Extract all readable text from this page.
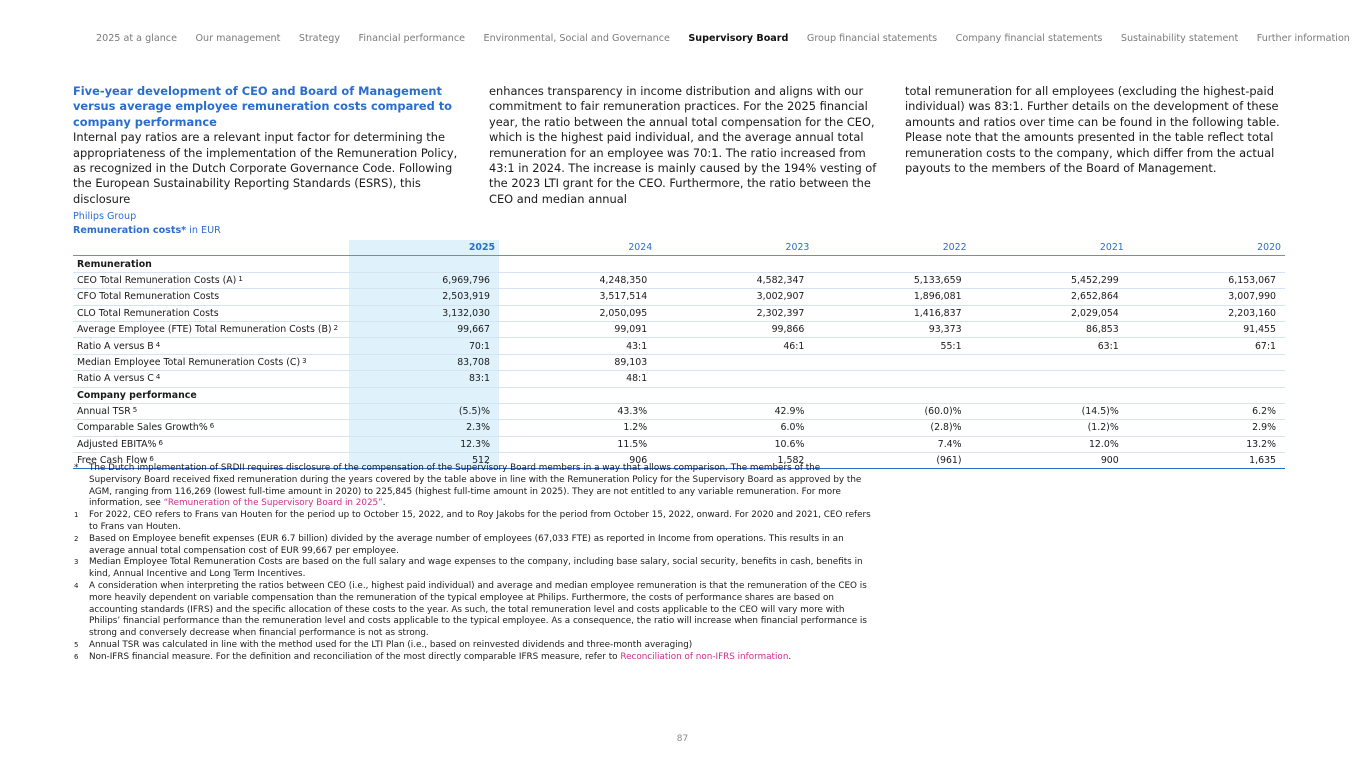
2025 at a glance Our management Strategy Financial performance Environmental, Social and Governance Supervisory Board Group financial statements Company financial statements Sustainability statement Further information
Five-year development of CEO and Board of Management versus average employee remuneration costs compared to company performance

Internal pay ratios are a relevant input factor for determining the appropriateness of the implementation of the Remuneration Policy, as recognized in the Dutch Corporate Governance Code. Following the European Sustainability Reporting Standards (ESRS), this disclosure

enhances transparency in income distribution and aligns with our commitment to fair remuneration practices. For the 2025 financial year, the ratio between the annual total compensation for the CEO, which is the highest paid individual, and the average annual total remuneration for an employee was 70:1. The ratio increased from 43:1 in 2024. The increase is mainly caused by the 194% vesting of the 2023 LTI grant for the CEO. Furthermore, the ratio between the CEO and median annual

total remuneration for all employees (excluding the highest-paid individual) was 83:1. Further details on the development of these amounts and ratios over time can be found in the following table. Please note that the amounts presented in the table reflect total remuneration costs to the company, which differ from the actual payouts to the members of the Board of Management.

Philips Group
Remuneration costs* in EUR
	2025	2024	2023	2022	2021	2020
Remuneration						
CEO Total Remuneration Costs (A) $^1$	6,969,796	4,248,350	4,582,347	5,133,659	5,452,299	6,153,067
CFO Total Remuneration Costs	2,503,919	3,517,514	3,002,907	1,896,081	2,652,864	3,007,990
CLO Total Remuneration Costs	3,132,030	2,050,095	2,302,397	1,416,837	2,029,054	2,203,160
Average Employee (FTE) Total Remuneration Costs (B) $^2$	99,667	99,091	99,866	93,373	86,853	91,455
Ratio A versus B $^4$	70:1	43:1	46:1	55:1	63:1	67:1
Median Employee Total Remuneration Costs (C) $^3$	83,708	89,103				
Ratio A versus C $^4$	83:1	48:1				
Company performance						
Annual TSR $^5$	(5.5)%	43.3%	42.9%	(60.0)%	(14.5)%	6.2%
Comparable Sales Growth% $^6$	2.3%	1.2%	6.0%	(2.8)%	(1.2)%	2.9%
Adjusted EBITA% $^6$	12.3%	11.5%	10.6%	7.4%	12.0%	13.2%
Free Cash Flow $^6$	512	906	1,582	(961)	900	1,635
*	The Dutch implementation of SRDII requires disclosure of the compensation of the Supervisory Board members in a way that allows comparison. The members of the Supervisory Board received fixed remuneration during the years covered by the table above in line with the Remuneration Policy for the Supervisory Board as approved by the AGM, ranging from 116,269 (lowest full-time amount in 2020) to 225,845 (highest full-time amount in 2025). They are not entitled to any variable remuneration. For more information, see “Remuneration of the Supervisory Board in 2025”.
1	For 2022, CEO refers to Frans van Houten for the period up to October 15, 2022, and to Roy Jakobs for the period from October 15, 2022, onward. For 2020 and 2021, CEO refers to Frans van Houten.
2	Based on Employee benefit expenses (EUR 6.7 billion) divided by the average number of employees (67,033 FTE) as reported in Income from operations. This results in an average annual total compensation cost of EUR 99,667 per employee.
3	Median Employee Total Remuneration Costs are based on the full salary and wage expenses to the company, including base salary, social security, benefits in cash, benefits in kind, Annual Incentive and Long Term Incentives.
4	A consideration when interpreting the ratios between CEO (i.e., highest paid individual) and average and median employee remuneration is that the remuneration of the CEO is more heavily dependent on variable compensation than the remuneration of the typical employee at Philips. Furthermore, the costs of performance shares are based on accounting standards (IFRS) and the specific allocation of these costs to the year. As such, the total remuneration level and costs applicable to the CEO will vary more with Philips’ financial performance than the remuneration level and costs applicable to the typical employee. As a consequence, the ratio will increase when financial performance is strong and conversely decrease when financial performance is not as strong.
5	Annual TSR was calculated in line with the method used for the LTI Plan (i.e., based on reinvested dividends and three-month averaging)
6	Non-IFRS financial measure. For the definition and reconciliation of the most directly comparable IFRS measure, refer to Reconciliation of non-IFRS information.
87
